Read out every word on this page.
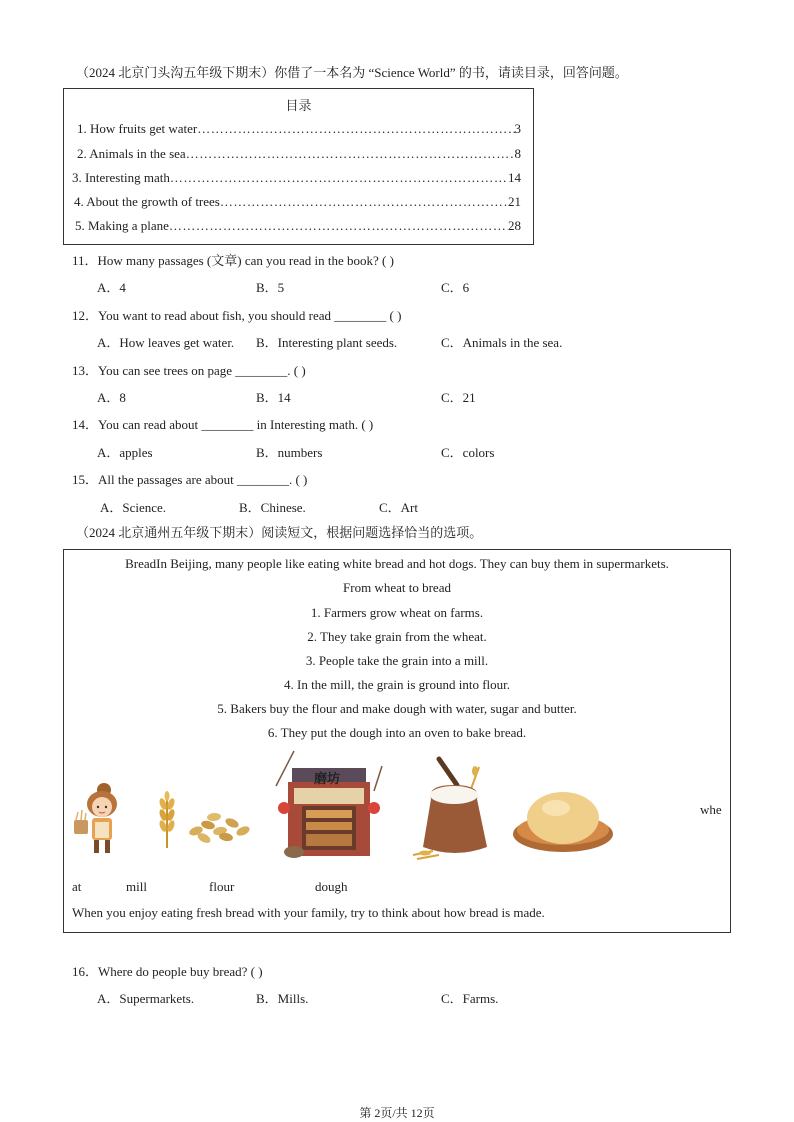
（2024 北京门头沟五年级下期末）你借了一本名为 “Science World” 的书，请读目录，回答问题。
目录
1. How fruits get water …………………………………………………………………………………………………………	3
2. Animals in the sea …………………………………………………………………………………………………………	8
3. Interesting math …………………………………………………………………………………………………………	14
4. About the growth of trees …………………………………………………………………………………………………………	21
5. Making a plane …………………………………………………………………………………………………………	28
11．How many passages (文章) can you read in the book? ( )
A．4	B．5	C．6
12．You want to read about fish, you should read ________ ( )
A．How leaves get water. B．Interesting plant seeds.	C．Animals in the sea.
13．You can see trees on page ________. ( )
A．8	B．14	C．21
14．You can read about ________ in Interesting math. ( )
A．apples	B．numbers	C．colors
15．All the passages are about ________. ( )
A．Science.	B．Chinese.	C．Art
（2024 北京通州五年级下期末）阅读短文，根据问题选择恰当的选项。
BreadIn Beijing, many people like eating white bread and hot dogs. They can buy them in supermarkets.
From wheat to bread
1. Farmers grow wheat on farms.
2. They take grain from the wheat.
3. People take the grain into a mill.
4. In the mill, the grain is ground into flour.
5. Bakers buy the flour and make dough with water, sugar and butter.
6. They put the dough into an oven to bake bread.
磨坊
whe
at	mill	flour	dough
When you enjoy eating fresh bread with your family, try to think about how bread is made.
16．Where do people buy bread? ( )
A．Supermarkets.	B．Mills.	C．Farms.
第 2页/共 12页
